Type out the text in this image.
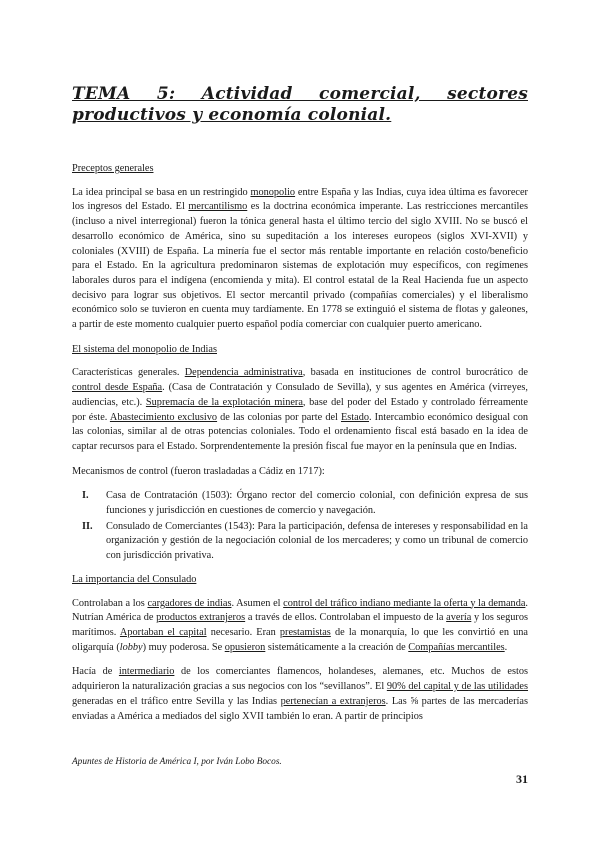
TEMA 5: Actividad comercial, sectores productivos y economía colonial.

Preceptos generales

La idea principal se basa en un restringido monopolio entre España y las Indias, cuya idea última es favorecer los ingresos del Estado. El mercantilismo es la doctrina económica imperante. Las restricciones mercantiles (incluso a nivel interregional) fueron la tónica general hasta el último tercio del siglo XVIII. No se buscó el desarrollo económico de América, sino su supeditación a los intereses europeos (siglos XVI-XVII) y coloniales (XVIII) de España. La minería fue el sector más rentable importante en relación costo/beneficio para el Estado. En la agricultura predominaron sistemas de explotación muy específicos, con regímenes laborales duros para el indígena (encomienda y mita). El control estatal de la Real Hacienda fue un aspecto decisivo para lograr sus objetivos. El sector mercantil privado (compañías comerciales) y el liberalismo económico solo se tuvieron en cuenta muy tardíamente. En 1778 se extinguió el sistema de flotas y galeones, a partir de este momento cualquier puerto español podía comerciar con cualquier puerto americano.

El sistema del monopolio de Indias

Características generales. Dependencia administrativa, basada en instituciones de control burocrático de control desde España. (Casa de Contratación y Consulado de Sevilla), y sus agentes en América (virreyes, audiencias, etc.). Supremacía de la explotación minera, base del poder del Estado y controlado férreamente por éste. Abastecimiento exclusivo de las colonias por parte del Estado. Intercambio económico desigual con las colonias, similar al de otras potencias coloniales. Todo el ordenamiento fiscal está basado en la idea de captar recursos para el Estado. Sorprendentemente la presión fiscal fue mayor en la península que en Indias.

Mecanismos de control (fueron trasladadas a Cádiz en 1717):

I.	Casa de Contratación (1503): Órgano rector del comercio colonial, con definición expresa de sus funciones y jurisdicción en cuestiones de comercio y navegación.
II.	Consulado de Comerciantes (1543): Para la participación, defensa de intereses y responsabilidad en la organización y gestión de la negociación colonial de los mercaderes; y como un tribunal de comercio con jurisdicción privativa.

La importancia del Consulado

Controlaban a los cargadores de indias. Asumen el control del tráfico indiano mediante la oferta y la demanda. Nutrían América de productos extranjeros a través de ellos. Controlaban el impuesto de la avería y los seguros marítimos. Aportaban el capital necesario. Eran prestamistas de la monarquía, lo que les convirtió en una oligarquía (lobby) muy poderosa. Se opusieron sistemáticamente a la creación de Compañías mercantiles.

Hacía de intermediario de los comerciantes flamencos, holandeses, alemanes, etc. Muchos de estos adquirieron la naturalización gracias a sus negocios con los “sevillanos”. El 90% del capital y de las utilidades generadas en el tráfico entre Sevilla y las Indias pertenecían a extranjeros. Las ⅝ partes de las mercaderías enviadas a América a mediados del siglo XVII también lo eran. A partir de principios

Apuntes de Historia de América I, por Iván Lobo Bocos.
31
